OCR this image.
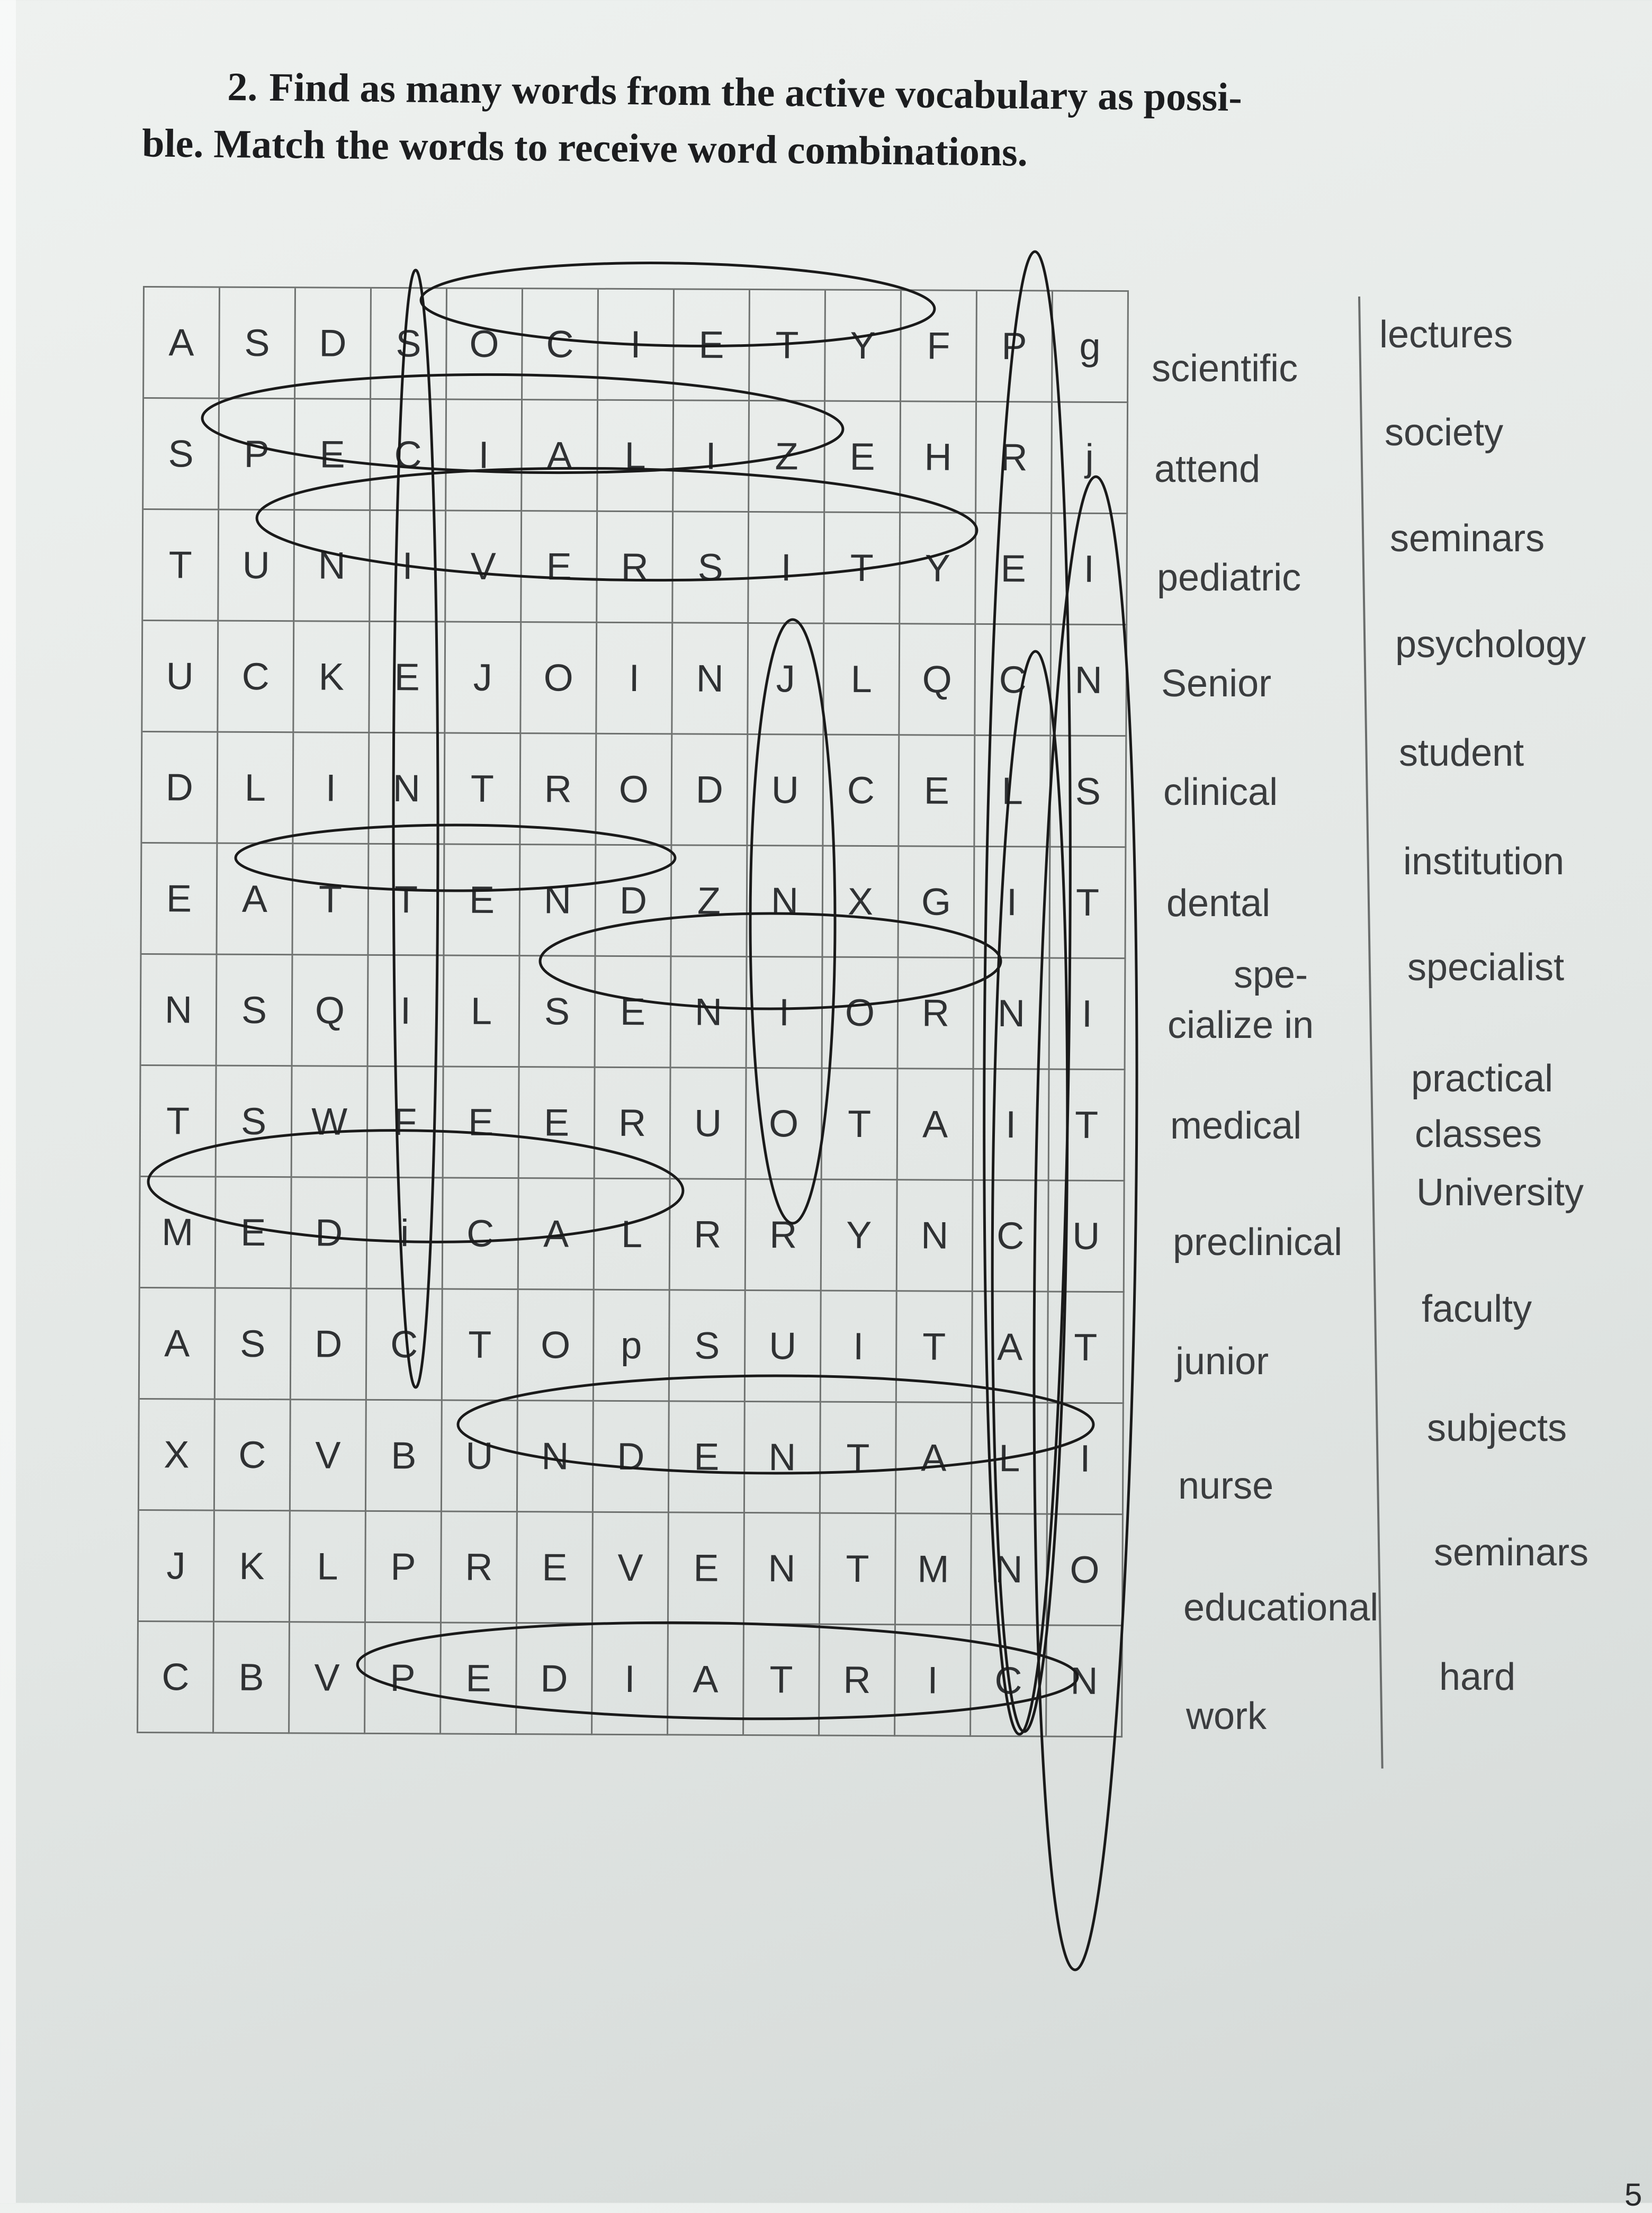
2. Find as many words from the active vocabulary as possi-
ble. Match the words to receive word combinations.
A	S	D	S	O	C	I	E	T	Y	F	P	g
S	P	E	C	I	A	L	I	Z	E	H	R	j
T	U	N	I	V	E	R	S	I	T	Y	E	I
U	C	K	E	J	O	I	N	J	L	Q	C	N
D	L	I	N	T	R	O	D	U	C	E	L	S
E	A	T	T	E	N	D	Z	N	X	G	I	T
N	S	Q	I	L	S	E	N	I	O	R	N	I
T	S	W	F	E	E	R	U	O	T	A	I	T
M	E	D	i	C	A	L	R	R	Y	N	C	U
A	S	D	C	T	O	p	S	U	I	T	A	T
X	C	V	B	U	N	D	E	N	T	A	L	I
J	K	L	P	R	E	V	E	N	T	M	N	O
C	B	V	P	E	D	I	A	T	R	I	C	N
scientific
attend
pediatric
Senior
clinical
dental
spe-
cialize in
medical
preclinical
junior
nurse
educational
work
lectures
society
seminars
psychology
student
institution
specialist
practical
classes
University
faculty
subjects
seminars
hard
5
